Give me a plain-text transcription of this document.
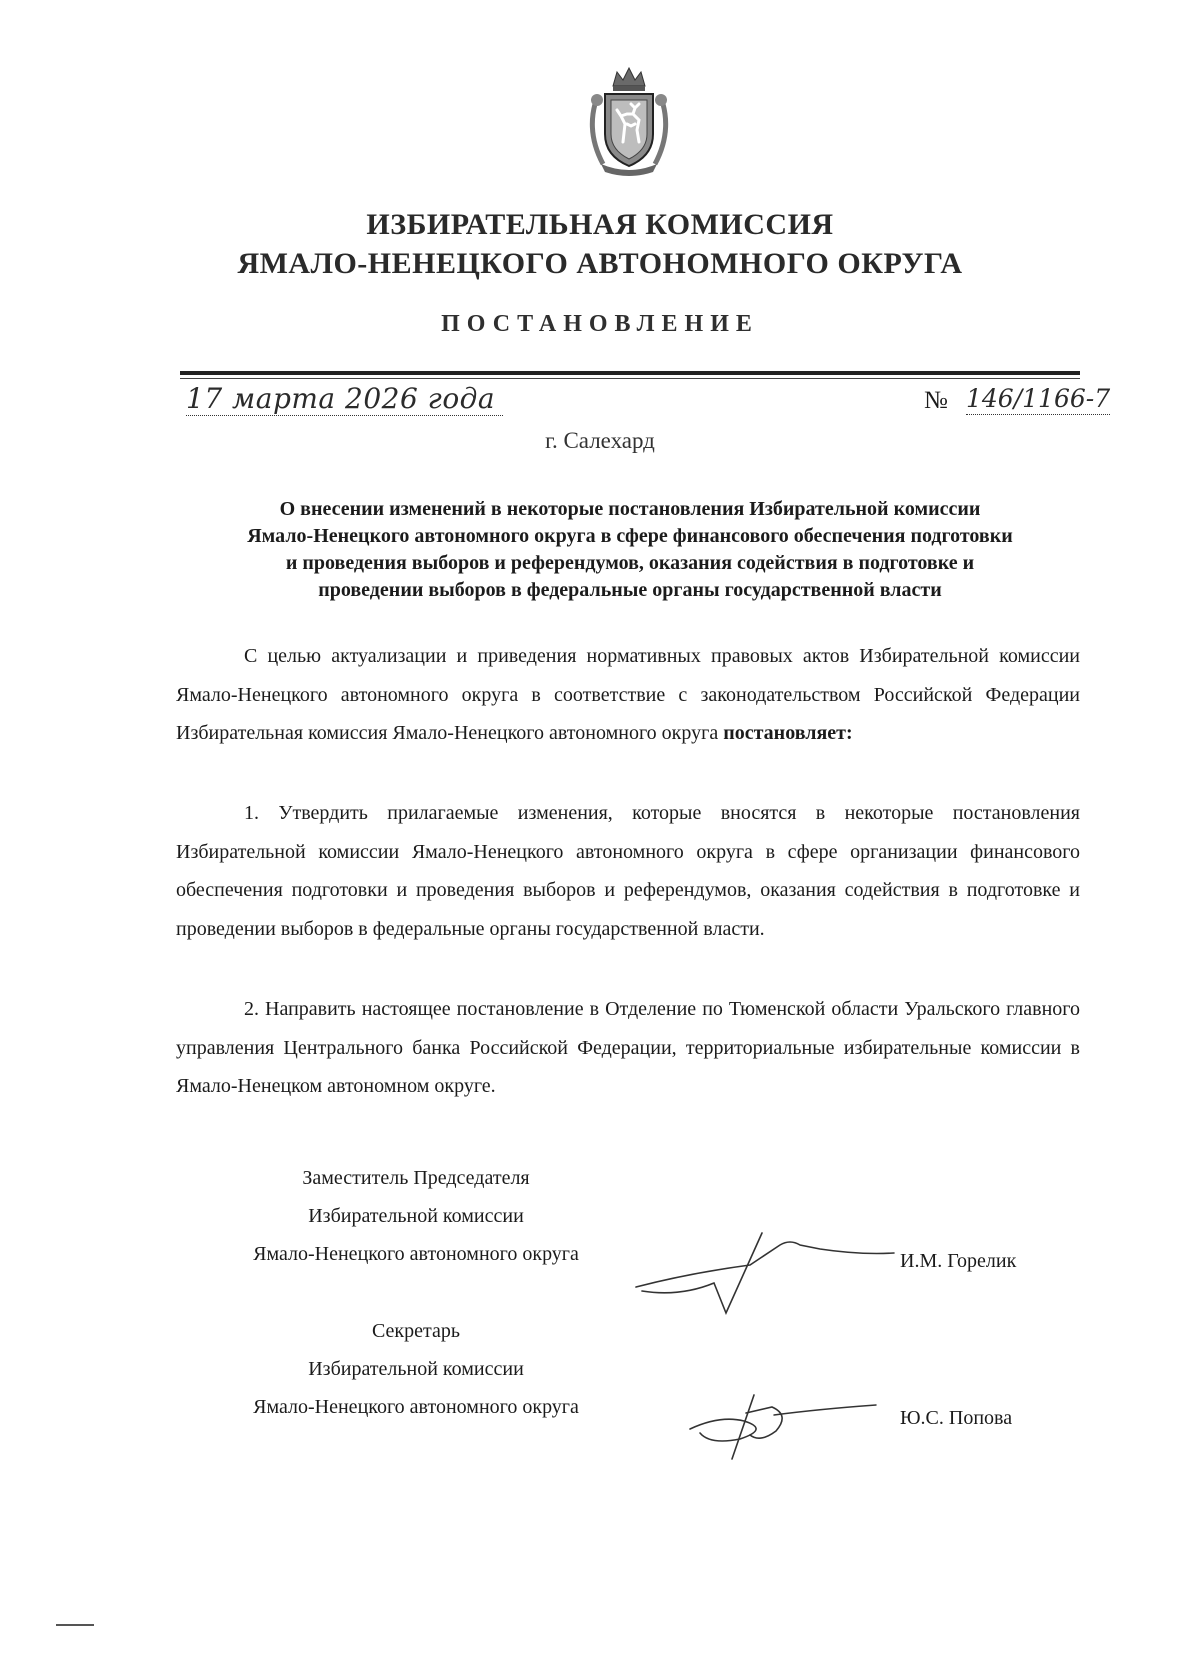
ИЗБИРАТЕЛЬНАЯ КОМИССИЯ
ЯМАЛО-НЕНЕЦКОГО АВТОНОМНОГО ОКРУГА
ПОСТАНОВЛЕНИЕ
17 марта 2026 года	№ 146/1166-7
г. Салехард
О внесении изменений в некоторые постановления Избирательной комиссии
Ямало-Ненецкого автономного округа в сфере финансового обеспечения подготовки
и проведения выборов и референдумов, оказания содействия в подготовке и
проведении выборов в федеральные органы государственной власти

С целью актуализации и приведения нормативных правовых актов Избирательной комиссии Ямало-Ненецкого автономного округа в соответствие с законодательством Российской Федерации Избирательная комиссия Ямало-Ненецкого автономного округа постановляет:

1. Утвердить прилагаемые изменения, которые вносятся в некоторые постановления Избирательной комиссии Ямало-Ненецкого автономного округа в сфере организации финансового обеспечения подготовки и проведения выборов и референдумов, оказания содействия в подготовке и проведении выборов в федеральные органы государственной власти.

2. Направить настоящее постановление в Отделение по Тюменской области Уральского главного управления Центрального банка Российской Федерации, территориальные избирательные комиссии в Ямало-Ненецком автономном округе.

Заместитель Председателя
Избирательной комиссии
Ямало-Ненецкого автономного округа	И.М. Горелик
Секретарь
Избирательной комиссии
Ямало-Ненецкого автономного округа	Ю.С. Попова
